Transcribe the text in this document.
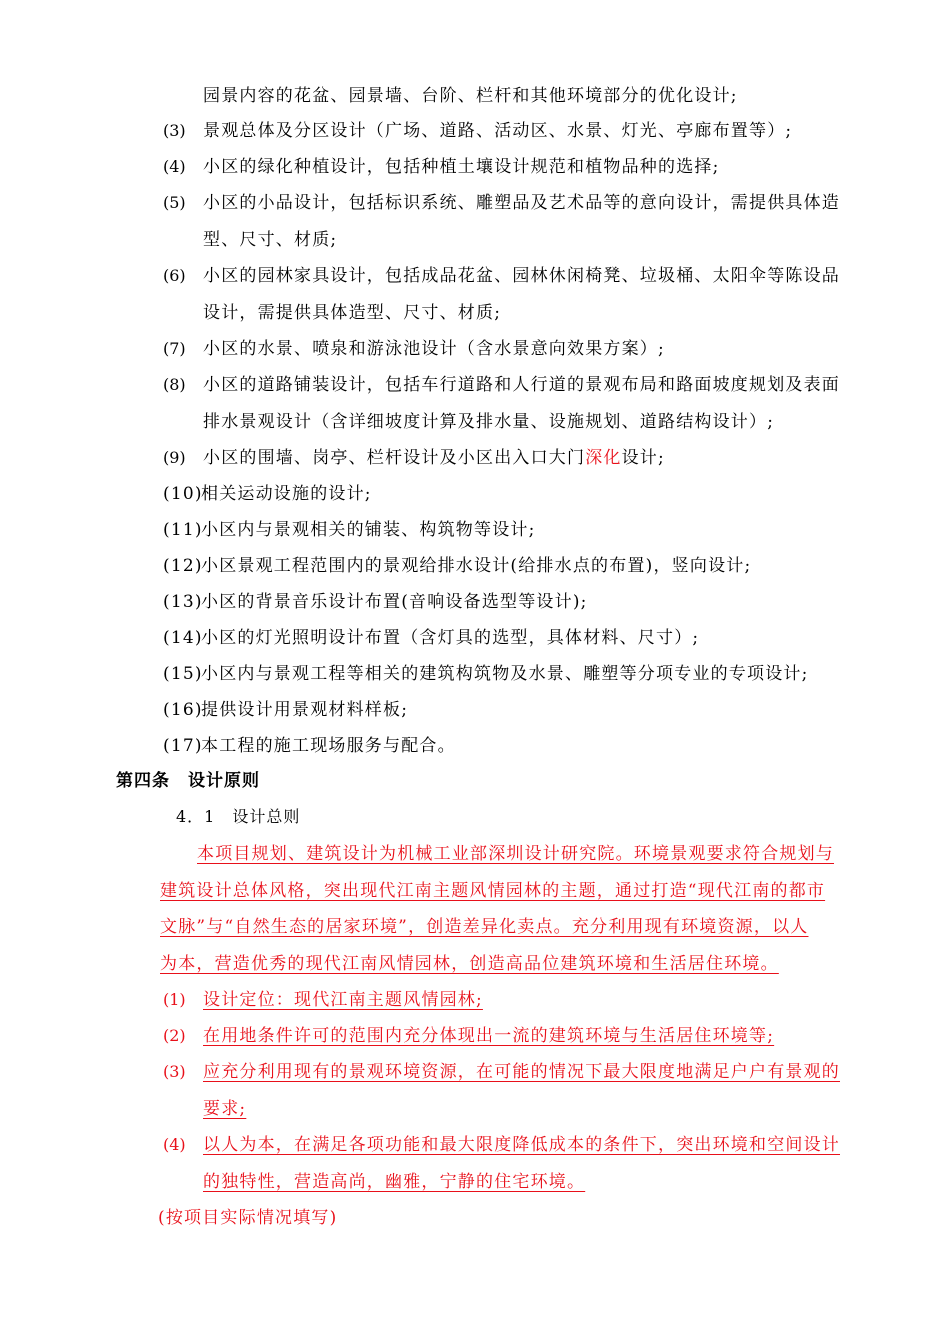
园景内容的花盆、园景墙、台阶、栏杆和其他环境部分的优化设计;
(3) 景观总体及分区设计（广场、道路、活动区、水景、灯光、亭廊布置等）;
(4) 小区的绿化种植设计，包括种植土壤设计规范和植物品种的选择;
(5) 小区的小品设计，包括标识系统、雕塑品及艺术品等的意向设计，需提供具体造
型、尺寸、材质;
(6) 小区的园林家具设计，包括成品花盆、园林休闲椅凳、垃圾桶、太阳伞等陈设品
设计，需提供具体造型、尺寸、材质;
(7) 小区的水景、喷泉和游泳池设计（含水景意向效果方案）;
(8) 小区的道路铺装设计，包括车行道路和人行道的景观布局和路面坡度规划及表面
排水景观设计（含详细坡度计算及排水量、设施规划、道路结构设计）;
(9) 小区的围墙、岗亭、栏杆设计及小区出入口大门深化设计;
(10)
相关运动设施的设计;
(11)
小区内与景观相关的铺装、构筑物等设计;
(12)
小区景观工程范围内的景观给排水设计(给排水点的布置)，竖向设计;
(13)
小区的背景音乐设计布置(音响设备选型等设计);
(14)
小区的灯光照明设计布置（含灯具的选型，具体材料、尺寸）;
(15)
小区内与景观工程等相关的建筑构筑物及水景、雕塑等分项专业的专项设计;
(16)
提供设计用景观材料样板;
(17)
本工程的施工现场服务与配合。
第四条　设计原则
4．1　设计总则
本项目规划、建筑设计为机械工业部深圳设计研究院。环境景观要求符合规划与
建筑设计总体风格，突出现代江南主题风情园林的主题，通过打造“现代江南的都市
文脉”与“自然生态的居家环境”，创造差异化卖点。充分利用现有环境资源，以人
为本，营造优秀的现代江南风情园林，创造高品位建筑环境和生活居住环境。
(1) 设计定位：现代江南主题风情园林;
(2) 在用地条件许可的范围内充分体现出一流的建筑环境与生活居住环境等;
(3) 应充分利用现有的景观环境资源，在可能的情况下最大限度地满足户户有景观的
要求;
(4) 以人为本，在满足各项功能和最大限度降低成本的条件下，突出环境和空间设计
的独特性，营造高尚，幽雅，宁静的住宅环境。
(按项目实际情况填写)
